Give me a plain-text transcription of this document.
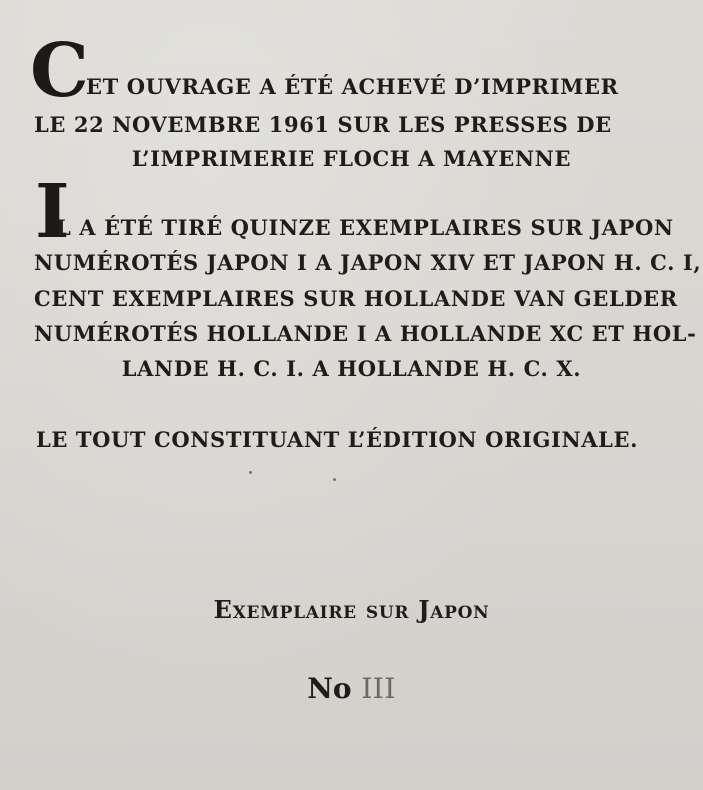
C
ET OUVRAGE A ÉTÉ ACHEVÉ D’IMPRIMER
LE 22 NOVEMBRE 1961 SUR LES PRESSES DE
L’IMPRIMERIE FLOCH A MAYENNE
I
L A ÉTÉ TIRÉ QUINZE EXEMPLAIRES SUR JAPON
NUMÉROTÉS JAPON I A JAPON XIV ET JAPON H. C. I,
CENT EXEMPLAIRES SUR HOLLANDE VAN GELDER
NUMÉROTÉS HOLLANDE I A HOLLANDE XC ET HOL-
LANDE H. C. I. A HOLLANDE H. C. X.
LE TOUT CONSTITUANT L’ÉDITION ORIGINALE.
Exemplaire sur Japon
No III
